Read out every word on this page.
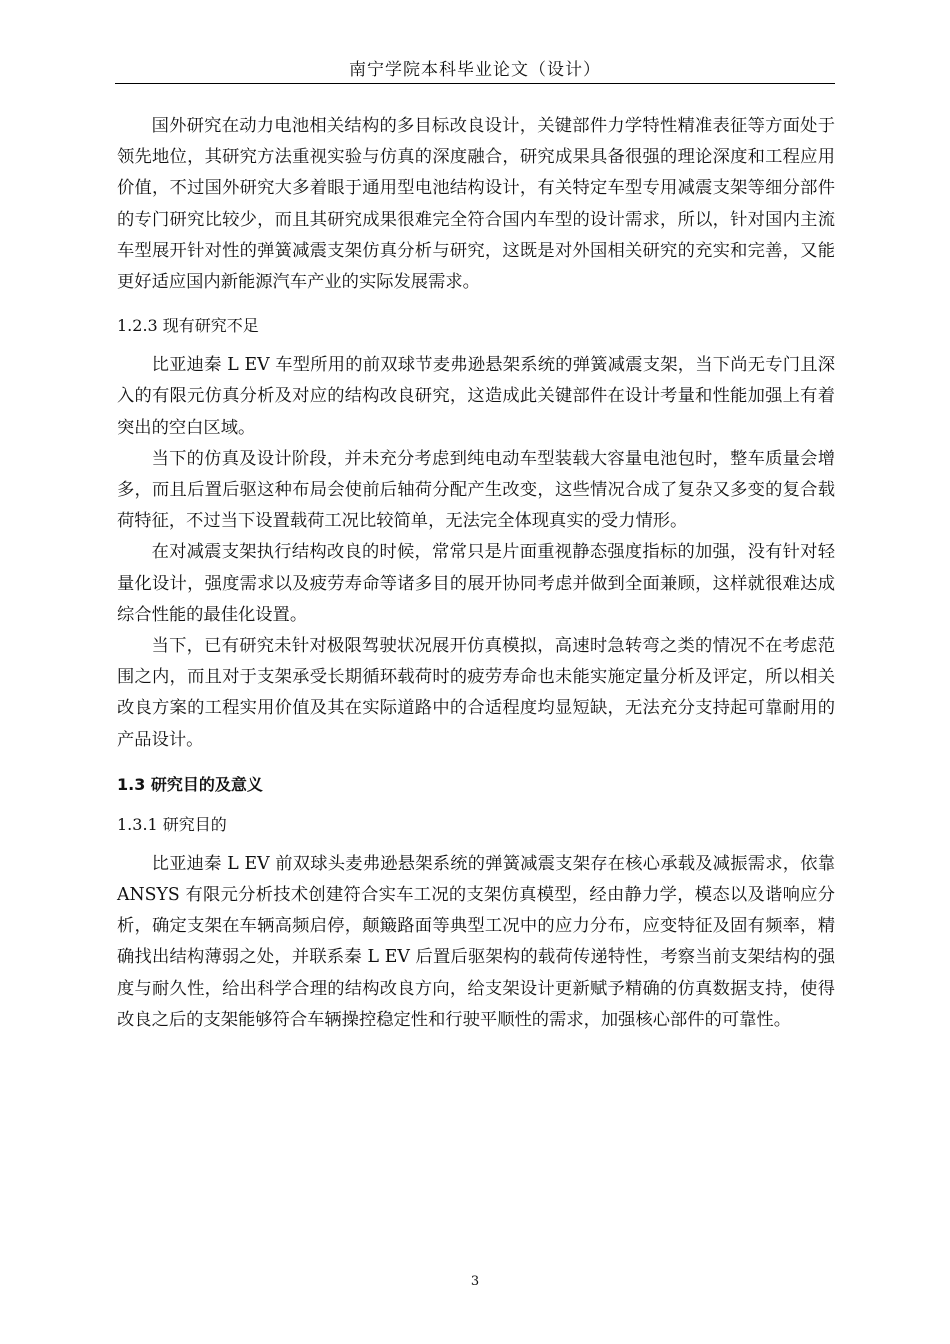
南宁学院本科毕业论文（设计）

国外研究在动力电池相关结构的多目标改良设计，关键部件力学特性精准表征等方面处于领先地位，其研究方法重视实验与仿真的深度融合，研究成果具备很强的理论深度和工程应用价值，不过国外研究大多着眼于通用型电池结构设计，有关特定车型专用减震支架等细分部件的专门研究比较少，而且其研究成果很难完全符合国内车型的设计需求，所以，针对国内主流车型展开针对性的弹簧减震支架仿真分析与研究，这既是对外国相关研究的充实和完善，又能更好适应国内新能源汽车产业的实际发展需求。

1.2.3 现有研究不足

比亚迪秦 L EV 车型所用的前双球节麦弗逊悬架系统的弹簧减震支架，当下尚无专门且深入的有限元仿真分析及对应的结构改良研究，这造成此关键部件在设计考量和性能加强上有着突出的空白区域。

当下的仿真及设计阶段，并未充分考虑到纯电动车型装载大容量电池包时，整车质量会增多，而且后置后驱这种布局会使前后轴荷分配产生改变，这些情况合成了复杂又多变的复合载荷特征，不过当下设置载荷工况比较简单，无法完全体现真实的受力情形。

在对减震支架执行结构改良的时候，常常只是片面重视静态强度指标的加强，没有针对轻量化设计，强度需求以及疲劳寿命等诸多目的展开协同考虑并做到全面兼顾，这样就很难达成综合性能的最佳化设置。

当下，已有研究未针对极限驾驶状况展开仿真模拟，高速时急转弯之类的情况不在考虑范围之内，而且对于支架承受长期循环载荷时的疲劳寿命也未能实施定量分析及评定，所以相关改良方案的工程实用价值及其在实际道路中的合适程度均显短缺，无法充分支持起可靠耐用的产品设计。

1.3 研究目的及意义
1.3.1 研究目的

比亚迪秦 L EV 前双球头麦弗逊悬架系统的弹簧减震支架存在核心承载及减振需求，依靠 ANSYS 有限元分析技术创建符合实车工况的支架仿真模型，经由静力学，模态以及谐响应分析，确定支架在车辆高频启停，颠簸路面等典型工况中的应力分布，应变特征及固有频率，精确找出结构薄弱之处，并联系秦 L EV 后置后驱架构的载荷传递特性，考察当前支架结构的强度与耐久性，给出科学合理的结构改良方向，给支架设计更新赋予精确的仿真数据支持，使得改良之后的支架能够符合车辆操控稳定性和行驶平顺性的需求，加强核心部件的可靠性。

3
